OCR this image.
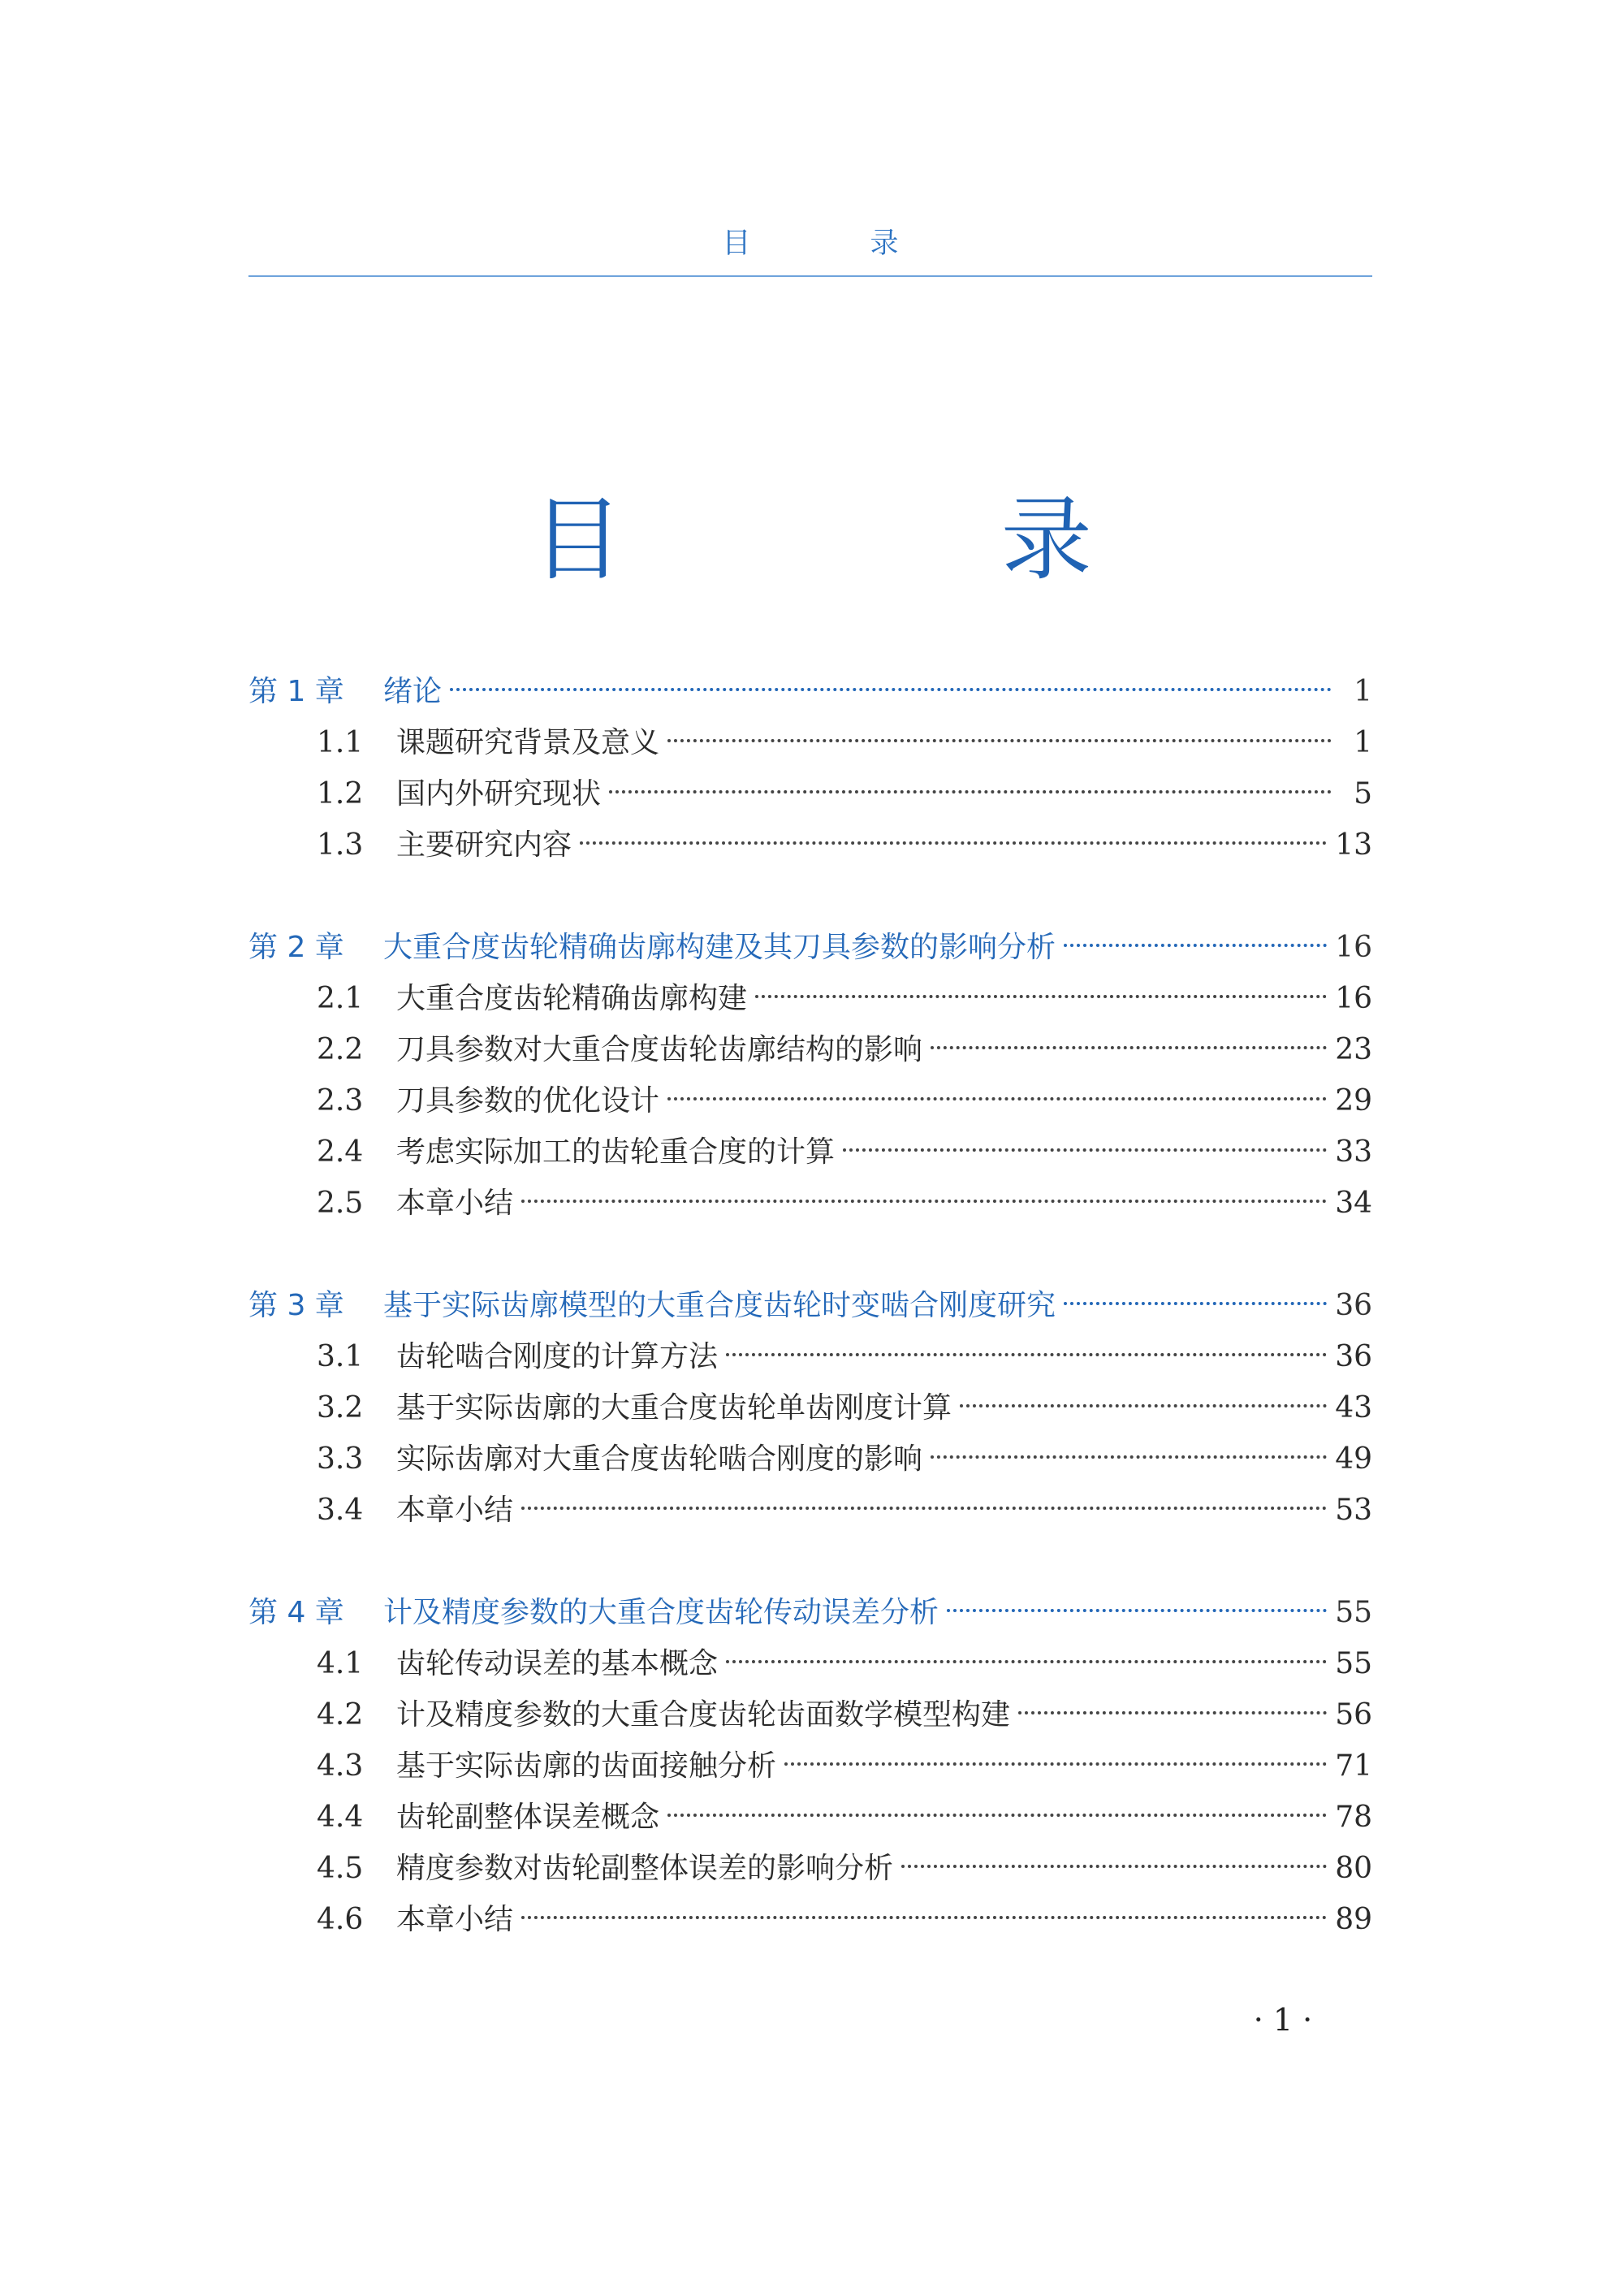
目 录
目 录
第 1 章	绪论	1
1.1	课题研究背景及意义	1
1.2	国内外研究现状	5
1.3	主要研究内容	13
第 2 章	大重合度齿轮精确齿廓构建及其刀具参数的影响分析	16
2.1	大重合度齿轮精确齿廓构建	16
2.2	刀具参数对大重合度齿轮齿廓结构的影响	23
2.3	刀具参数的优化设计	29
2.4	考虑实际加工的齿轮重合度的计算	33
2.5	本章小结	34
第 3 章	基于实际齿廓模型的大重合度齿轮时变啮合刚度研究	36
3.1	齿轮啮合刚度的计算方法	36
3.2	基于实际齿廓的大重合度齿轮单齿刚度计算	43
3.3	实际齿廓对大重合度齿轮啮合刚度的影响	49
3.4	本章小结	53
第 4 章	计及精度参数的大重合度齿轮传动误差分析	55
4.1	齿轮传动误差的基本概念	55
4.2	计及精度参数的大重合度齿轮齿面数学模型构建	56
4.3	基于实际齿廓的齿面接触分析	71
4.4	齿轮副整体误差概念	78
4.5	精度参数对齿轮副整体误差的影响分析	80
4.6	本章小结	89
· 1 ·
